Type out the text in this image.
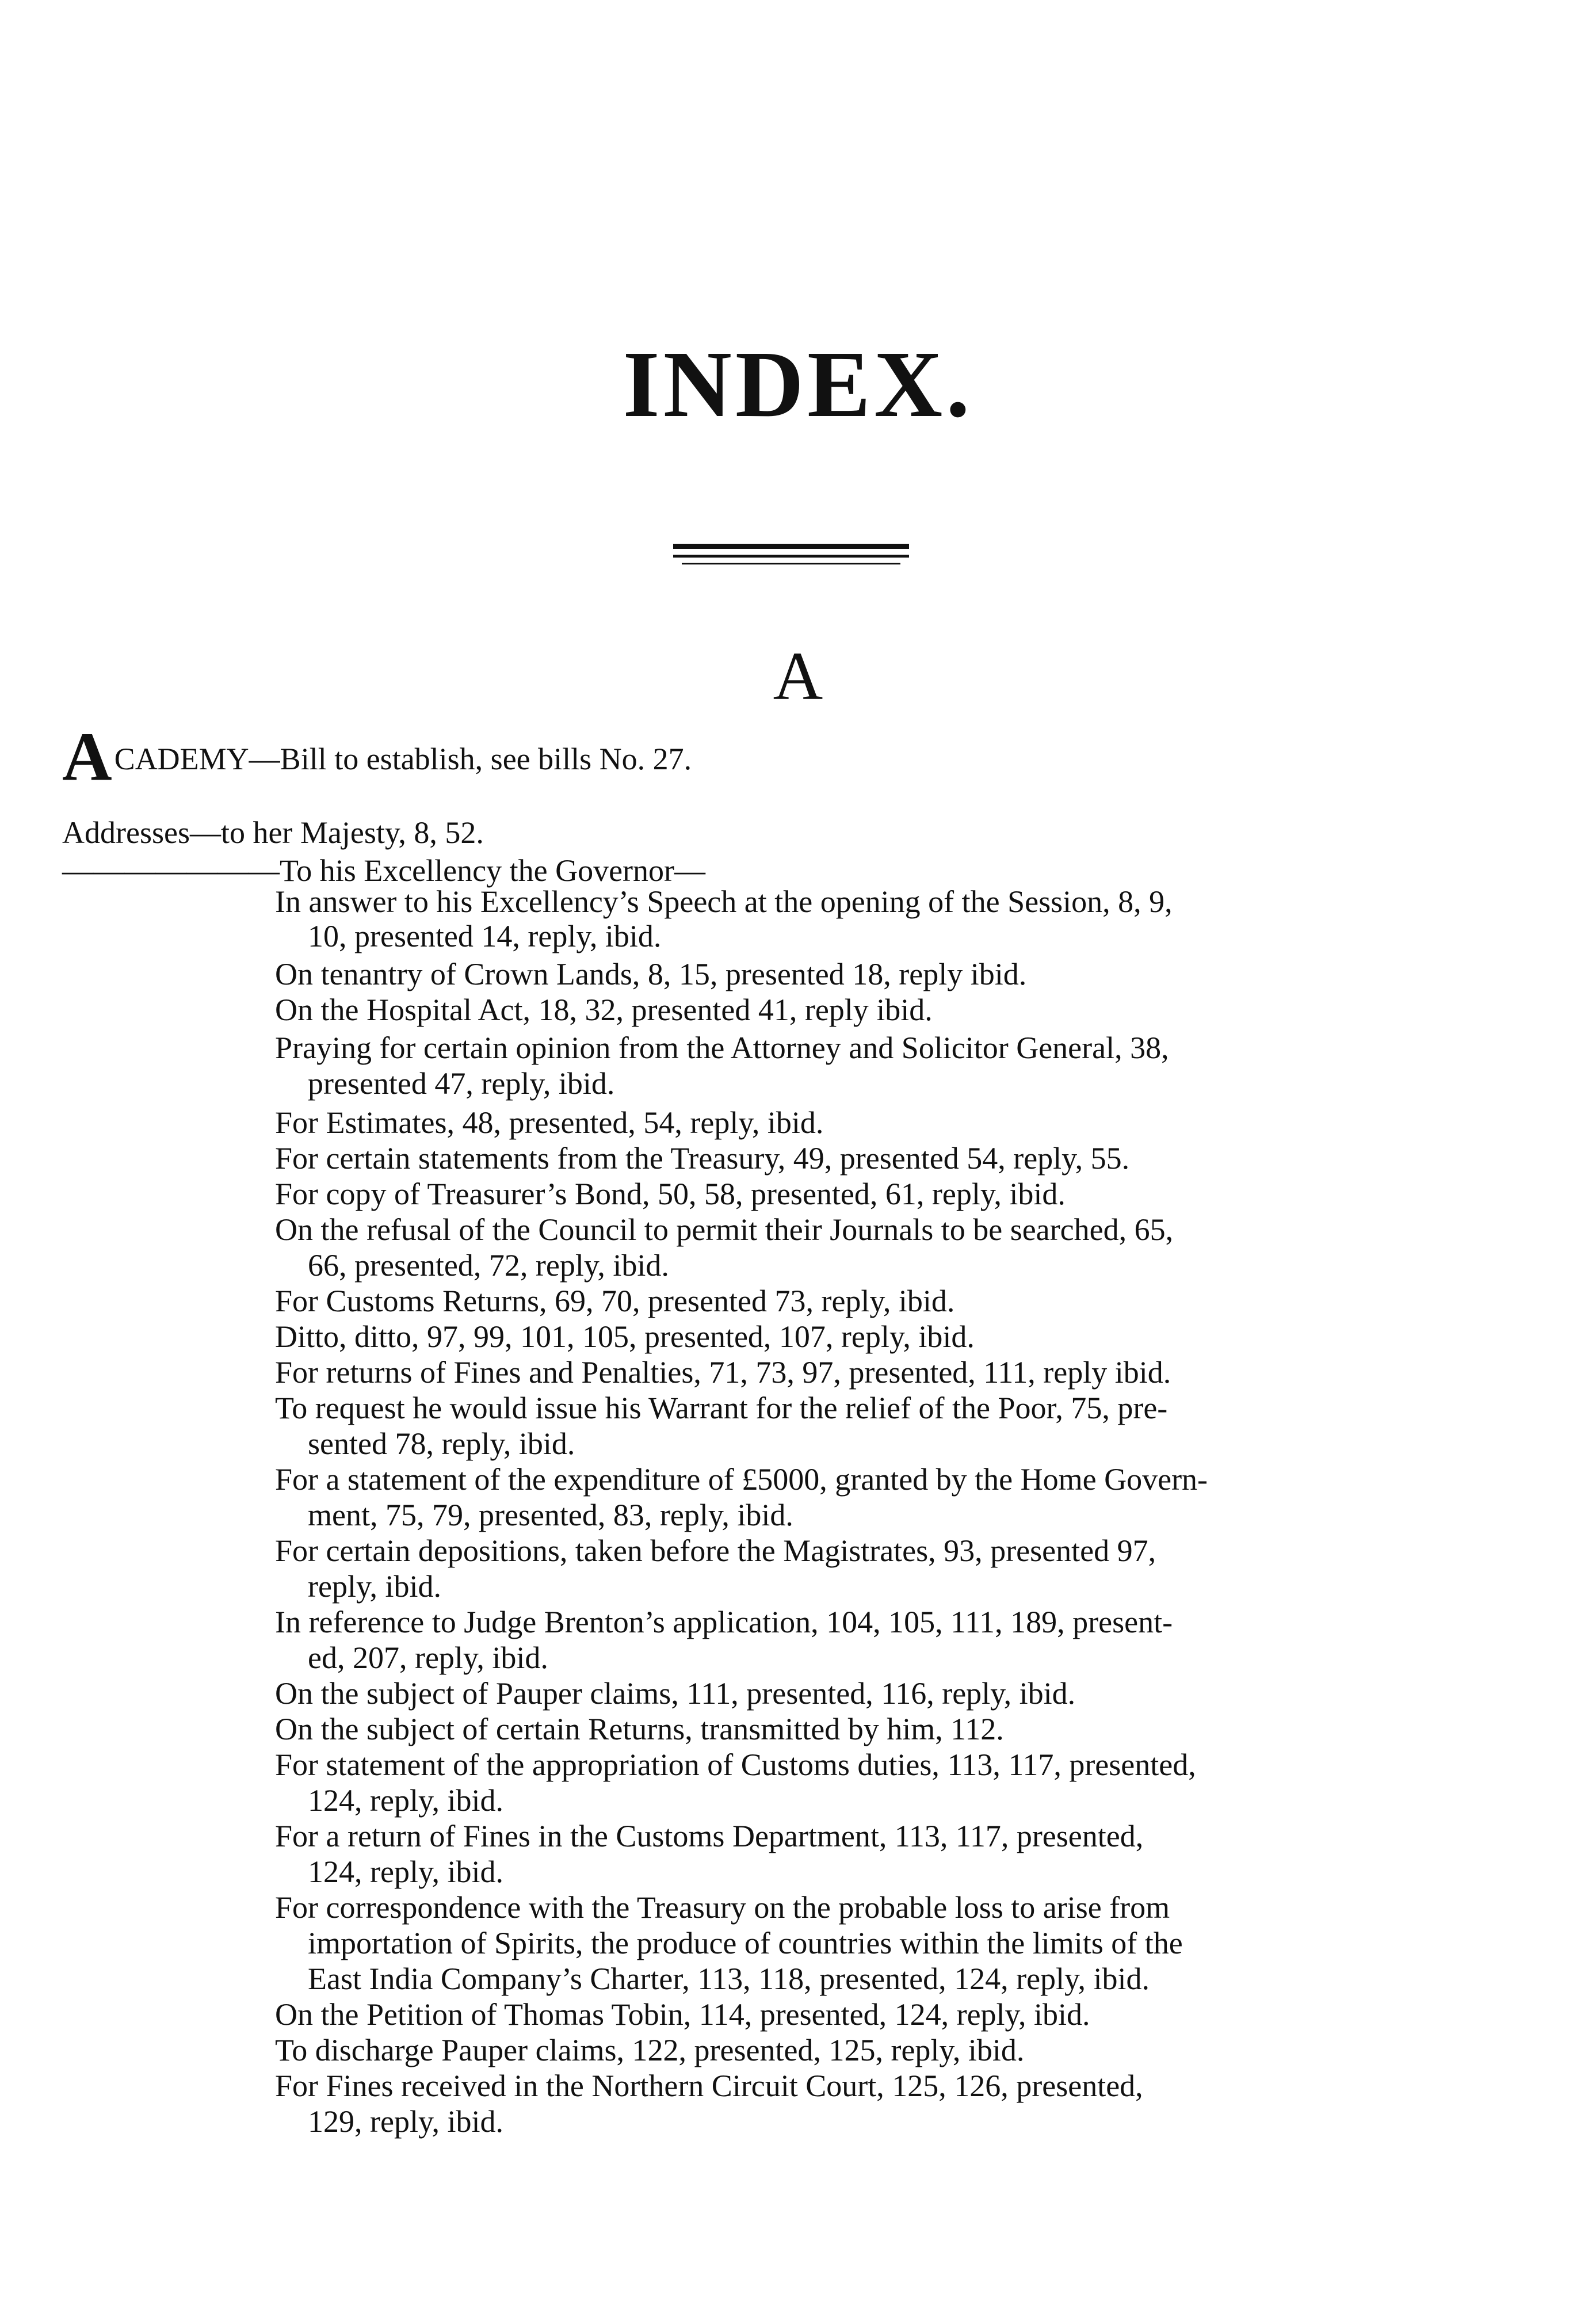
INDEX.
A
ACADEMY—Bill to establish, see bills No. 27.
Addresses—to her Majesty, 8, 52.
———————To his Excellency the Governor—
In answer to his Excellency’s Speech at the opening of the Session, 8, 9,
10, presented 14, reply, ibid.
On tenantry of Crown Lands, 8, 15, presented 18, reply ibid.
On the Hospital Act, 18, 32, presented 41, reply ibid.
Praying for certain opinion from the Attorney and Solicitor General, 38,
presented 47, reply, ibid.
For Estimates, 48, presented, 54, reply, ibid.
For certain statements from the Treasury, 49, presented 54, reply, 55.
For copy of Treasurer’s Bond, 50, 58, presented, 61, reply, ibid.
On the refusal of the Council to permit their Journals to be searched, 65,
66, presented, 72, reply, ibid.
For Customs Returns, 69, 70, presented 73, reply, ibid.
Ditto, ditto, 97, 99, 101, 105, presented, 107, reply, ibid.
For returns of Fines and Penalties, 71, 73, 97, presented, 111, reply ibid.
To request he would issue his Warrant for the relief of the Poor, 75, pre-
sented 78, reply, ibid.
For a statement of the expenditure of £5000, granted by the Home Govern-
ment, 75, 79, presented, 83, reply, ibid.
For certain depositions, taken before the Magistrates, 93, presented 97,
reply, ibid.
In reference to Judge Brenton’s application, 104, 105, 111, 189, present-
ed, 207, reply, ibid.
On the subject of Pauper claims, 111, presented, 116, reply, ibid.
On the subject of certain Returns, transmitted by him, 112.
For statement of the appropriation of Customs duties, 113, 117, presented,
124, reply, ibid.
For a return of Fines in the Customs Department, 113, 117, presented,
124, reply, ibid.
For correspondence with the Treasury on the probable loss to arise from
importation of Spirits, the produce of countries within the limits of the
East India Company’s Charter, 113, 118, presented, 124, reply, ibid.
On the Petition of Thomas Tobin, 114, presented, 124, reply, ibid.
To discharge Pauper claims, 122, presented, 125, reply, ibid.
For Fines received in the Northern Circuit Court, 125, 126, presented,
129, reply, ibid.
